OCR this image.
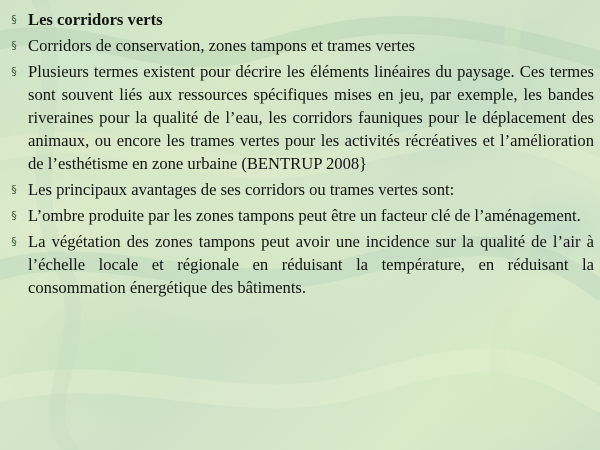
§ Les corridors verts
§ Corridors de conservation, zones tampons et trames vertes
§ Plusieurs termes existent pour décrire les éléments linéaires du paysage. Ces termes sont souvent liés aux ressources spécifiques mises en jeu, par exemple, les bandes riveraines pour la qualité de l’eau, les corridors fauniques pour le déplacement des animaux, ou encore les trames vertes pour les activités récréatives et l’amélioration de l’esthétisme en zone urbaine (BENTRUP 2008}
§ Les principaux avantages de ses corridors ou trames vertes sont:
§ L’ombre produite par les zones tampons peut être un facteur clé de l’aménagement.
§ La végétation des zones tampons peut avoir une incidence sur la qualité de l’air à l’échelle locale et régionale en réduisant la température, en réduisant la consommation énergétique des bâtiments.
